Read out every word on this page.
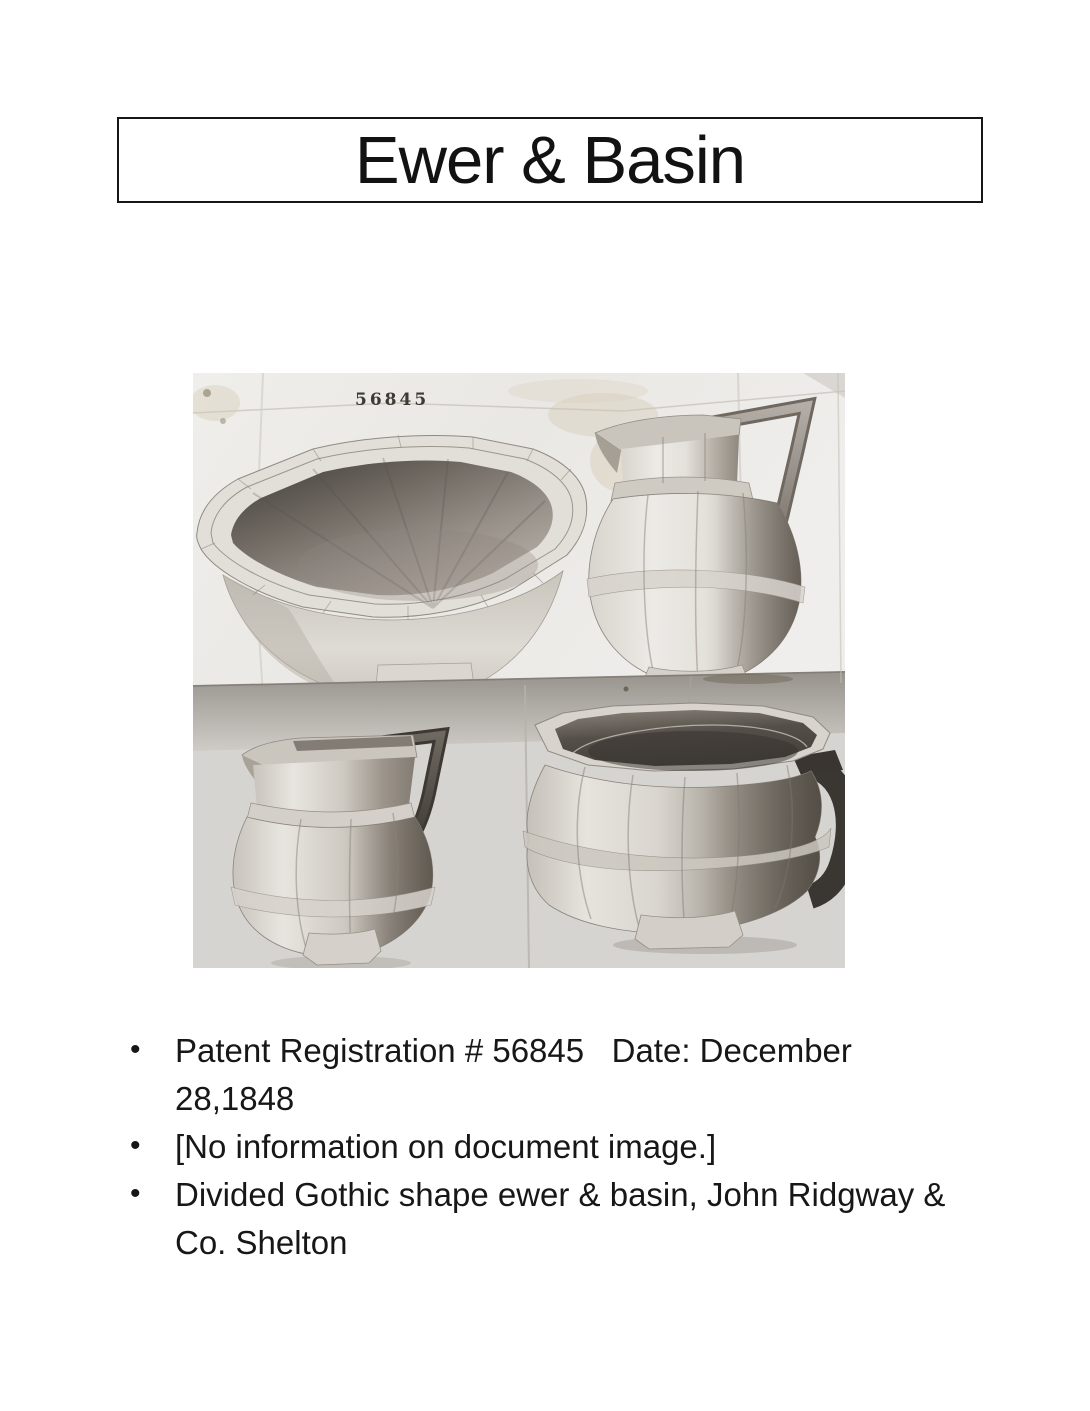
Ewer & Basin
56845
• Patent Registration # 56845   Date: December 28,1848
• [No information on document image.]
• Divided Gothic shape ewer & basin, John Ridgway & Co. Shelton
